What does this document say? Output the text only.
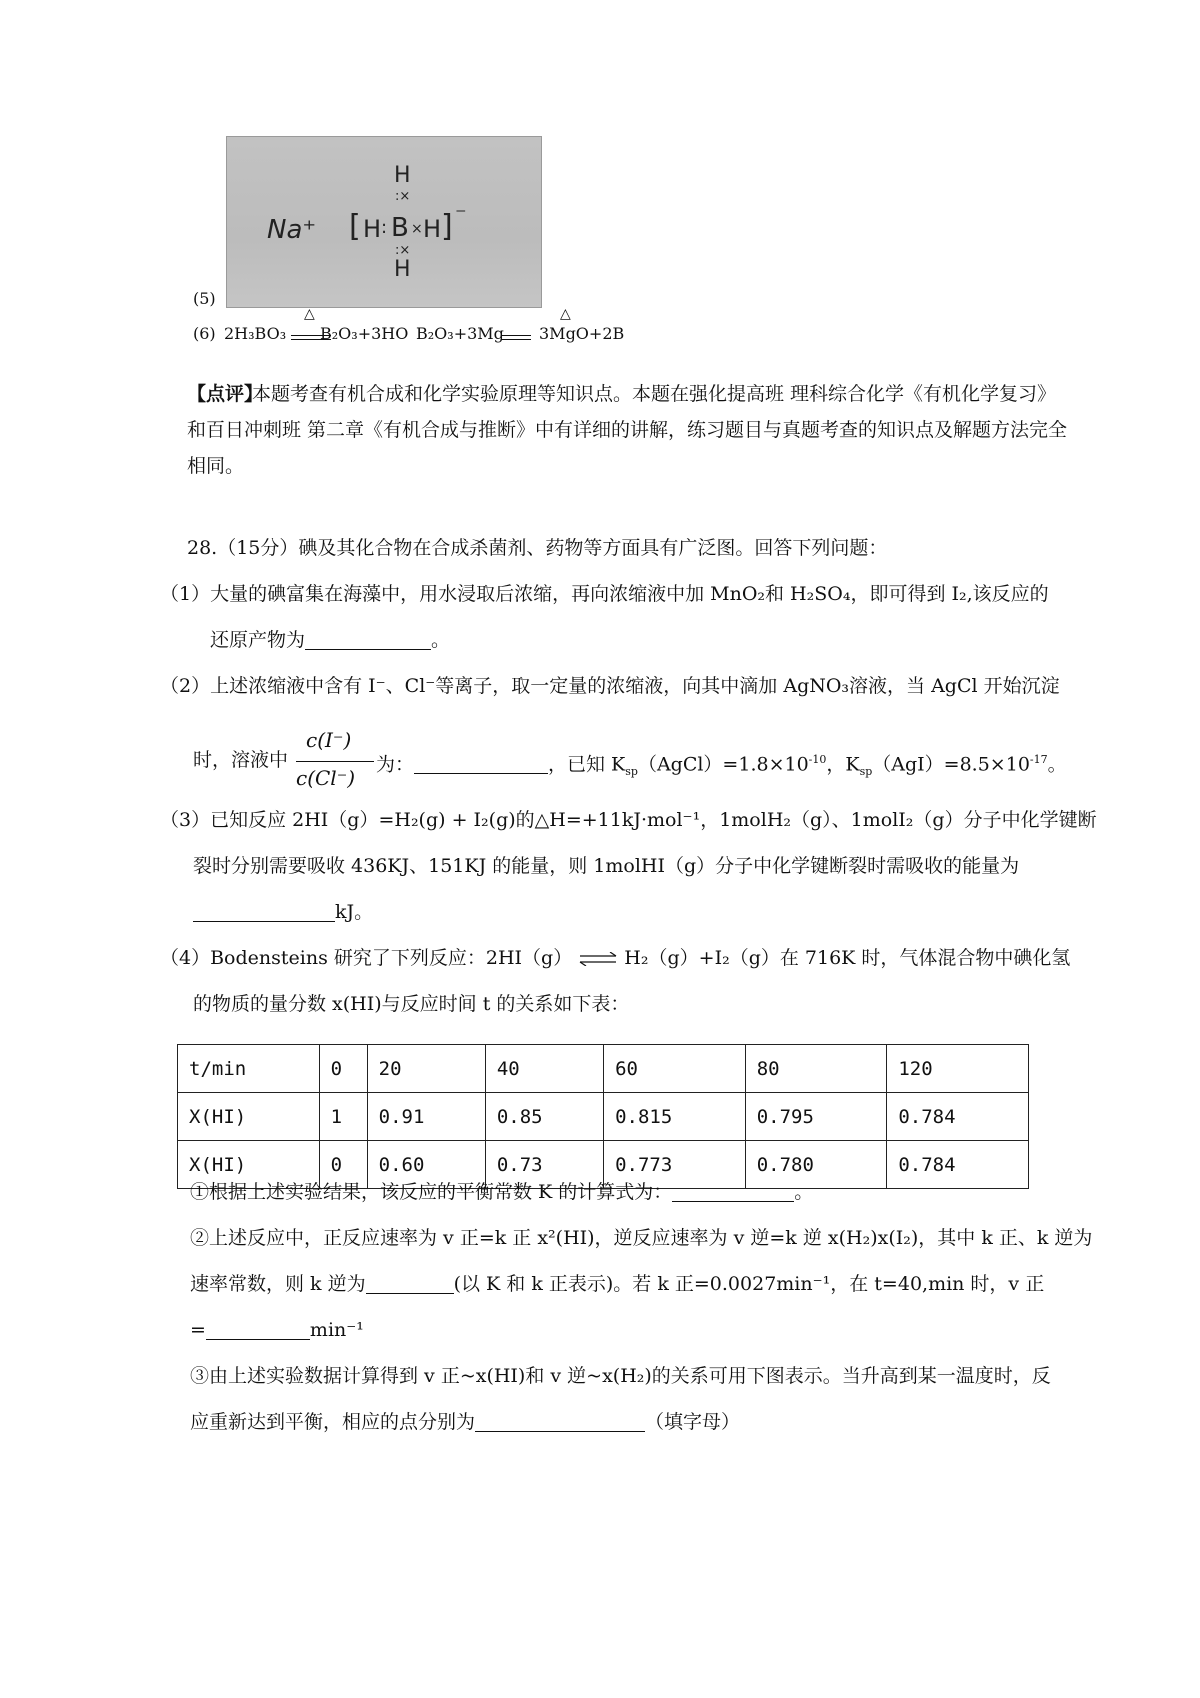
H
:×
Na⁺ [ H : B × H ] ⁻
:×
H
(5)
(6) 2H₃BO₃
△
B₂O₃+3HO B₂O₃+3Mg
△
3MgO+2B
【点评】
本题考查有机合成和化学实验原理等知识点。本题在强化提高班 理科综合化学《有机化学复习》
和百日冲刺班 第二章《有机合成与推断》中有详细的讲解，练习题目与真题考查的知识点及解题方法完全
相同。
28.（15分）碘及其化合物在合成杀菌剂、药物等方面具有广泛图。回答下列问题：
（1）大量的碘富集在海藻中，用水浸取后浓缩，再向浓缩液中加 MnO₂和 H₂SO₄，即可得到 I₂,该反应的
还原产物为	。
（2）上述浓缩液中含有 I⁻、Cl⁻等离子，取一定量的浓缩液，向其中滴加 AgNO₃溶液，当 AgCl 开始沉淀
时，溶液中
c(I⁻)
c(Cl⁻)
为：	，已知 $K_{sp}(AgCl)=1.8\times 10^{-10}$，$K_{sp}(AgI)=8.5\times 10^{-17}$。
（3）已知反应 2HI（g）=H₂(g) + I₂(g)的△H=+11kJ·mol⁻¹，1molH₂（g）、1molI₂（g）分子中化学键断
裂时分别需要吸收 436KJ、151KJ 的能量，则 1molHI（g）分子中化学键断裂时需吸收的能量为
kJ。
（4）Bodensteins 研究了下列反应：2HI（g） ⇌ H₂（g）+I₂（g）在 716K 时，气体混合物中碘化氢
的物质的量分数 x(HI)与反应时间 t 的关系如下表：
t/min	0	20	40	60	80	120
X(HI)	1	0.91	0.85	0.815	0.795	0.784
X(HI)	0	0.60	0.73	0.773	0.780	0.784
①根据上述实验结果，该反应的平衡常数 K 的计算式为：	。
②上述反应中，正反应速率为 v 正=k 正 x²(HI)，逆反应速率为 v 逆=k 逆 x(H₂)x(I₂)，其中 k 正、k 逆为
速率常数，则 k 逆为	(以 K 和 k 正表示)。若 k 正=0.0027min⁻¹，在 t=40,min 时，v 正
=	min⁻¹
③由上述实验数据计算得到 v 正~x(HI)和 v 逆~x(H₂)的关系可用下图表示。当升高到某一温度时，反
应重新达到平衡，相应的点分别为	（填字母）
